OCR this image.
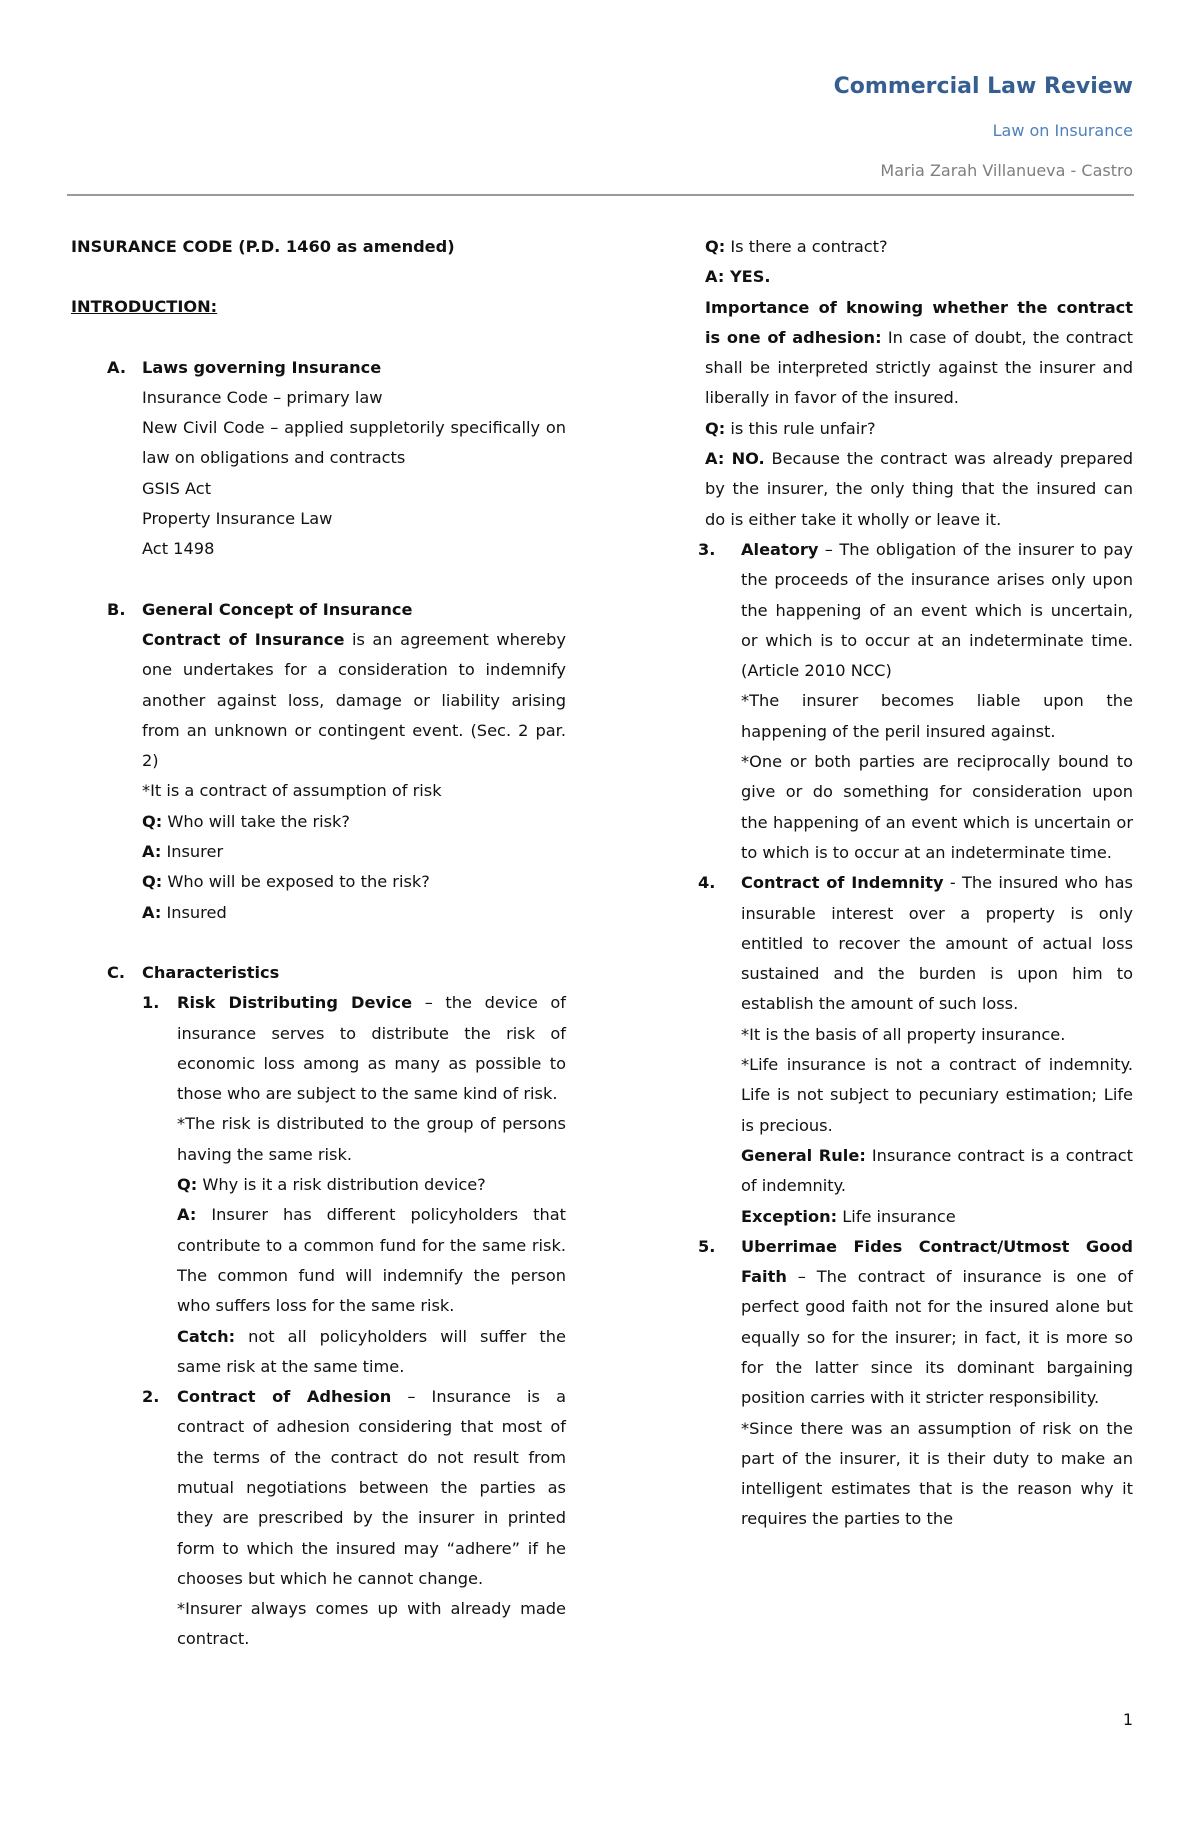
Commercial Law Review

Law on Insurance

Maria Zarah Villanueva - Castro

INSURANCE CODE (P.D. 1460 as amended)

INTRODUCTION:

A. Laws governing Insurance

Insurance Code – primary law

New Civil Code – applied suppletorily specifically on law on obligations and contracts

GSIS Act

Property Insurance Law

Act 1498

B. General Concept of Insurance

Contract of Insurance is an agreement whereby one undertakes for a consideration to indemnify another against loss, damage or liability arising from an unknown or contingent event. (Sec. 2 par. 2)

*It is a contract of assumption of risk

Q: Who will take the risk?

A: Insurer

Q: Who will be exposed to the risk?

A: Insured

C. Characteristics

1. Risk Distributing Device – the device of insurance serves to distribute the risk of economic loss among as many as possible to those who are subject to the same kind of risk.

*The risk is distributed to the group of persons having the same risk.

Q: Why is it a risk distribution device?

A: Insurer has different policyholders that contribute to a common fund for the same risk. The common fund will indemnify the person who suffers loss for the same risk.

Catch: not all policyholders will suffer the same risk at the same time.

2. Contract of Adhesion – Insurance is a contract of adhesion considering that most of the terms of the contract do not result from mutual negotiations between the parties as they are prescribed by the insurer in printed form to which the insured may “adhere” if he chooses but which he cannot change.

*Insurer always comes up with already made contract.

Q: Is there a contract?

A: YES.

Importance of knowing whether the contract is one of adhesion: In case of doubt, the contract shall be interpreted strictly against the insurer and liberally in favor of the insured.

Q: is this rule unfair?

A: NO. Because the contract was already prepared by the insurer, the only thing that the insured can do is either take it wholly or leave it.

3. Aleatory – The obligation of the insurer to pay the proceeds of the insurance arises only upon the happening of an event which is uncertain, or which is to occur at an indeterminate time. (Article 2010 NCC)

*The insurer becomes liable upon the happening of the peril insured against.

*One or both parties are reciprocally bound to give or do something for consideration upon the happening of an event which is uncertain or to which is to occur at an indeterminate time.

4. Contract of Indemnity - The insured who has insurable interest over a property is only entitled to recover the amount of actual loss sustained and the burden is upon him to establish the amount of such loss.

*It is the basis of all property insurance.

*Life insurance is not a contract of indemnity. Life is not subject to pecuniary estimation; Life is precious.

General Rule: Insurance contract is a contract of indemnity.

Exception: Life insurance

5. Uberrimae Fides Contract/Utmost Good Faith – The contract of insurance is one of perfect good faith not for the insured alone but equally so for the insurer; in fact, it is more so for the latter since its dominant bargaining position carries with it stricter responsibility.

*Since there was an assumption of risk on the part of the insurer, it is their duty to make an intelligent estimates that is the reason why it requires the parties to the

1
